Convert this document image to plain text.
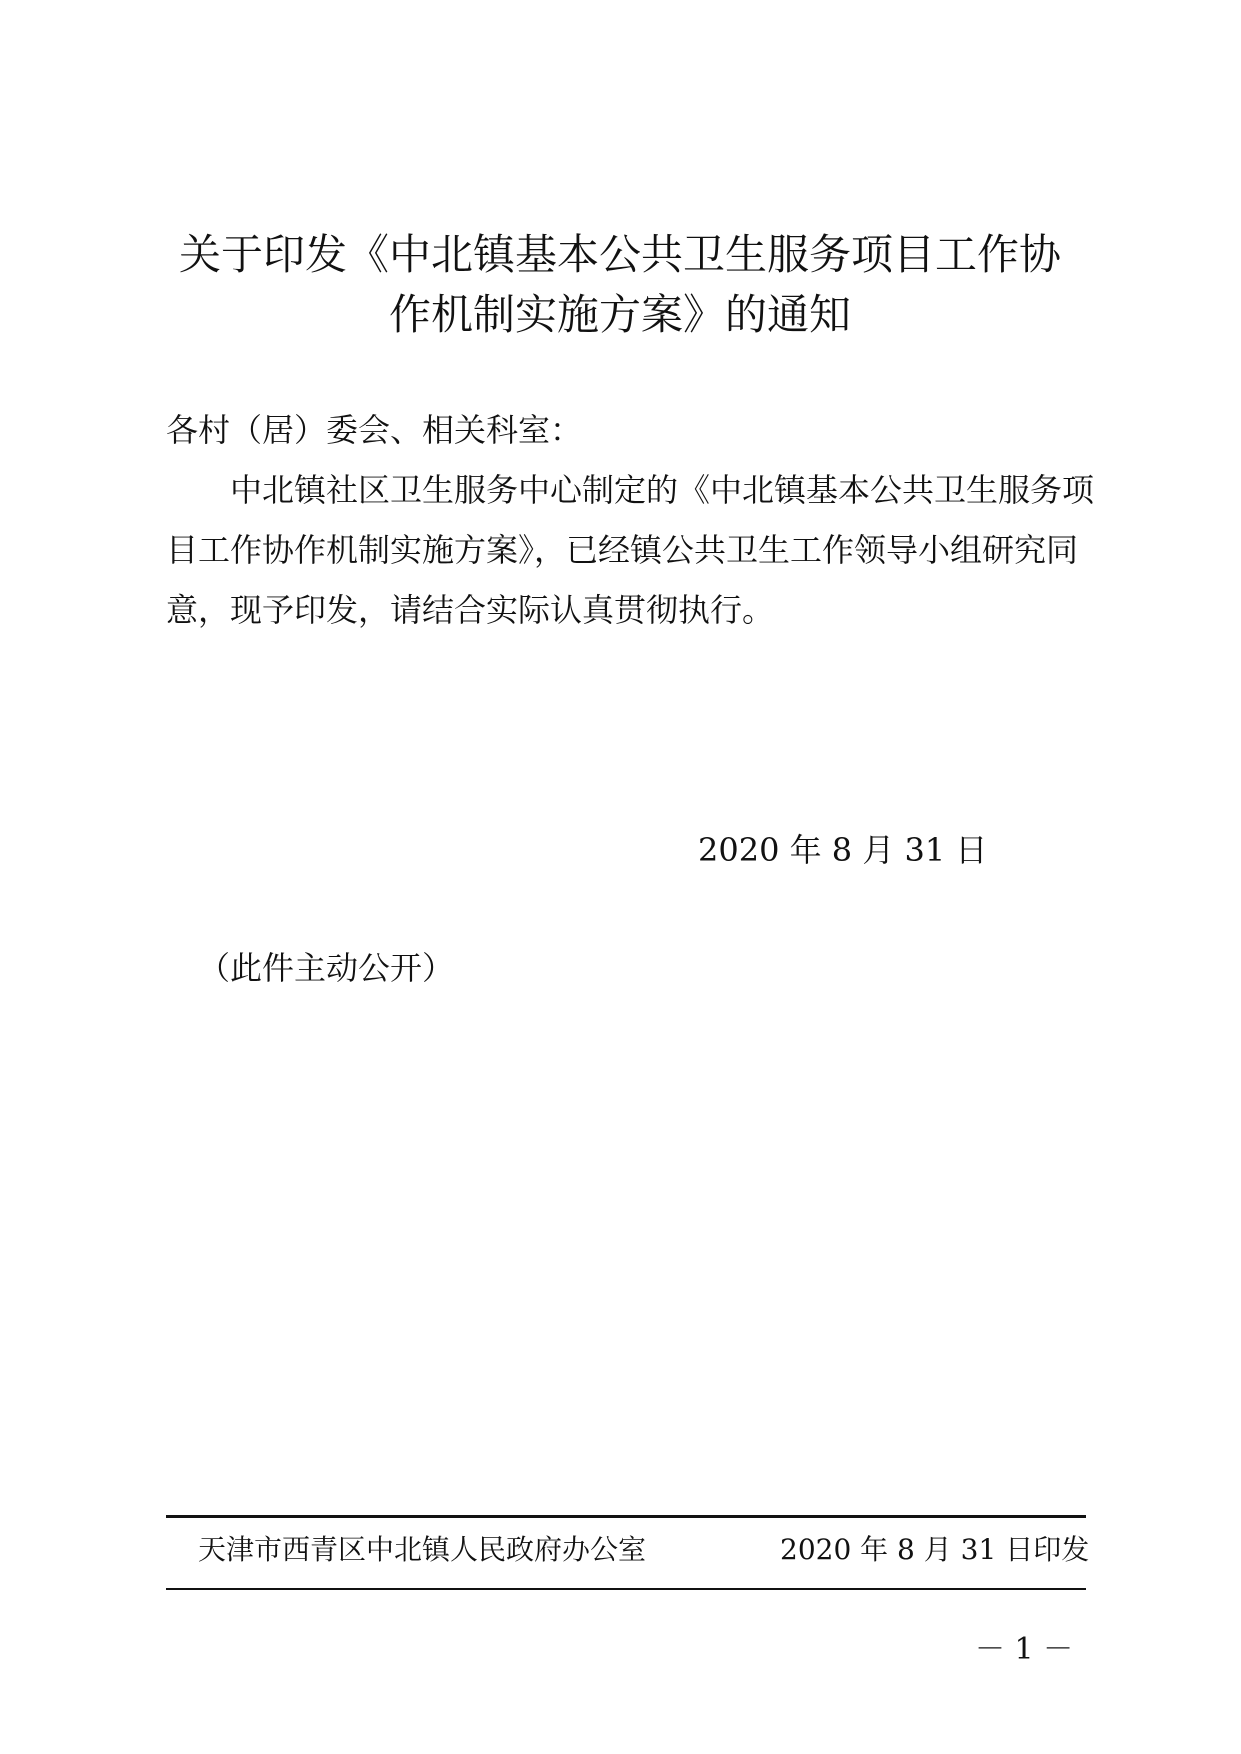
关于印发《中北镇基本公共卫生服务项目工作协
作机制实施方案》的通知
各村（居）委会、相关科室：
中北镇社区卫生服务中心制定的《中北镇基本公共卫生服务项
目工作协作机制实施方案》，已经镇公共卫生工作领导小组研究同
意，现予印发，请结合实际认真贯彻执行。
2020 年 8 月 31 日
（此件主动公开）
天津市西青区中北镇人民政府办公室	2020 年 8 月 31 日印发
－ 1 －
